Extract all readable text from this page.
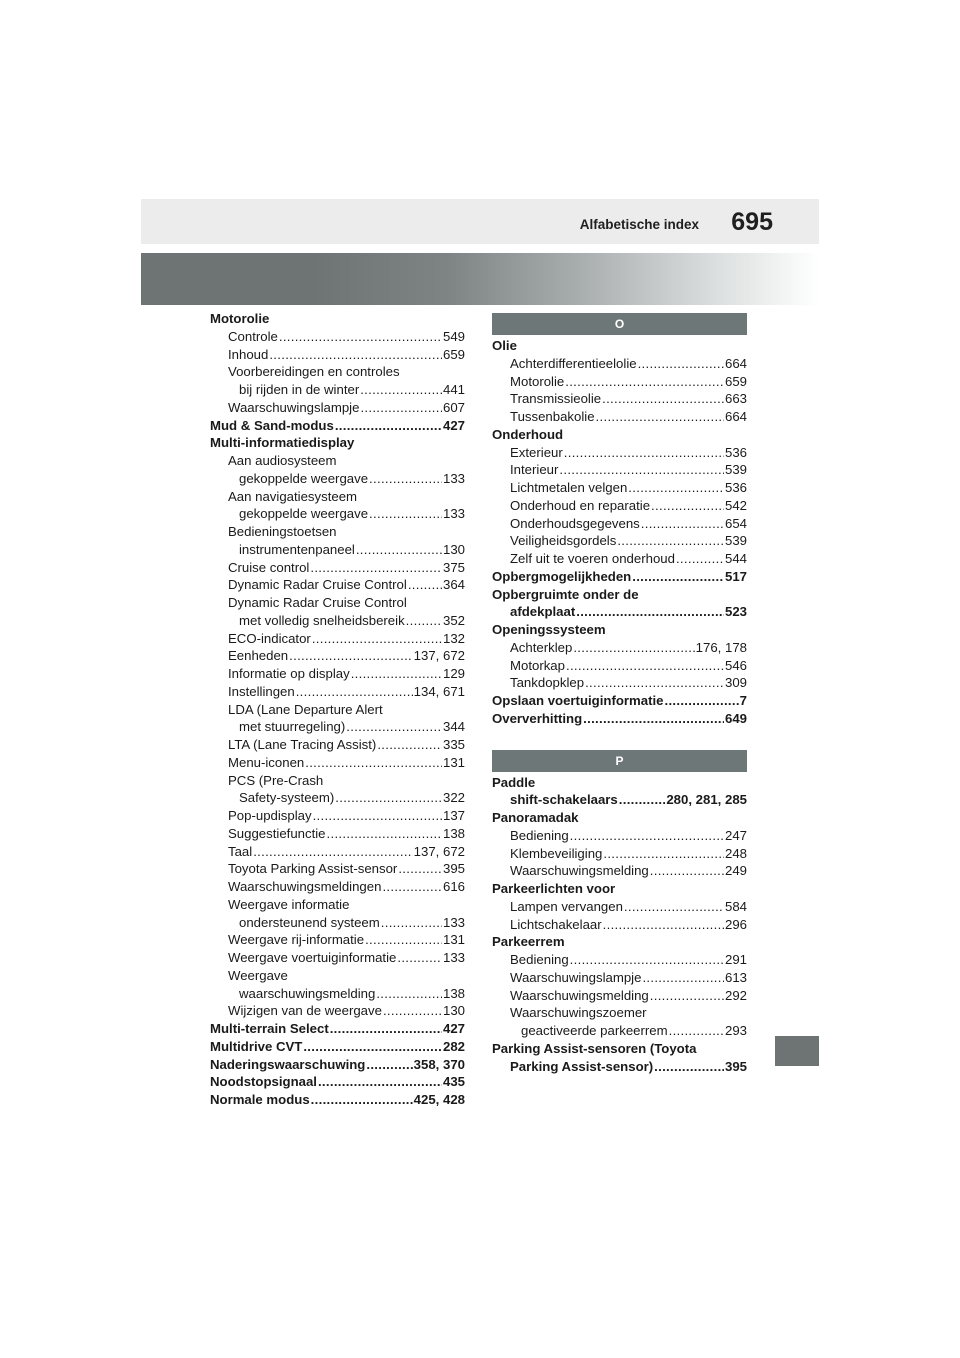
Alfabetische index 695
Motorolie
Controle .....	549
Inhoud .....	659
Voorbereidingen en controles
bij rijden in de winter .....	441
Waarschuwingslampje .....	607
Mud & Sand-modus .....	427
Multi-informatiedisplay
Aan audiosysteem
gekoppelde weergave .....	133
Aan navigatiesysteem
gekoppelde weergave .....	133
Bedieningstoetsen
instrumentenpaneel .....	130
Cruise control .....	375
Dynamic Radar Cruise Control .....	364
Dynamic Radar Cruise Control
met volledig snelheidsbereik .....	352
ECO-indicator .....	132
Eenheden .....	137, 672
Informatie op display .....	129
Instellingen .....	134, 671
LDA (Lane Departure Alert
met stuurregeling) .....	344
LTA (Lane Tracing Assist) .....	335
Menu-iconen .....	131
PCS (Pre-Crash
Safety-systeem) .....	322
Pop-updisplay .....	137
Suggestiefunctie .....	138
Taal .....	137, 672
Toyota Parking Assist-sensor .....	395
Waarschuwingsmeldingen .....	616
Weergave informatie
ondersteunend systeem .....	133
Weergave rij-informatie .....	131
Weergave voertuiginformatie .....	133
Weergave
waarschuwingsmelding .....	138
Wijzigen van de weergave .....	130
Multi-terrain Select .....	427
Multidrive CVT .....	282
Naderingswaarschuwing .....	358, 370
Noodstopsignaal .....	435
Normale modus .....	425, 428
O
Olie
Achterdifferentieelolie .....	664
Motorolie .....	659
Transmissieolie .....	663
Tussenbakolie .....	664
Onderhoud
Exterieur .....	536
Interieur .....	539
Lichtmetalen velgen .....	536
Onderhoud en reparatie .....	542
Onderhoudsgegevens .....	654
Veiligheidsgordels .....	539
Zelf uit te voeren onderhoud .....	544
Opbergmogelijkheden .....	517
Opbergruimte onder de
afdekplaat .....	523
Openingssysteem
Achterklep .....	176, 178
Motorkap .....	546
Tankdopklep .....	309
Opslaan voertuiginformatie .....	7
Oververhitting .....	649
P
Paddle
shift-schakelaars .....	280, 281, 285
Panoramadak
Bediening .....	247
Klembeveiliging .....	248
Waarschuwingsmelding .....	249
Parkeerlichten voor
Lampen vervangen .....	584
Lichtschakelaar .....	296
Parkeerrem
Bediening .....	291
Waarschuwingslampje .....	613
Waarschuwingsmelding .....	292
Waarschuwingszoemer
geactiveerde parkeerrem .....	293
Parking Assist-sensoren (Toyota
Parking Assist-sensor) .....	395
